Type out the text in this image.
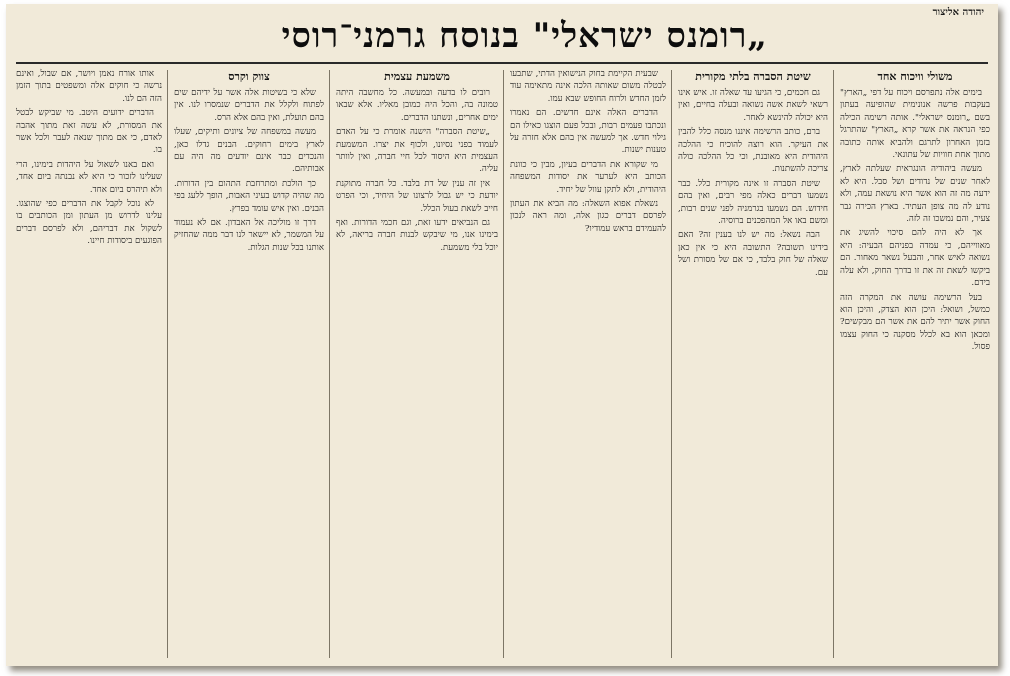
יהודה אליצור
„רומנס ישראלי" בנוסח גרמני־רוסי
משולי וויכוח אחד

בימים אלה נתפרסם ויכוח על דפי „הארץ" בעקבות פרשה אנונימית שהופיעה בעתון בשם „רומנס ישראלי". אותה רשימה הכילה כפי הנראה את אשר קרא „הארץ" שהתרגל בזמן האחרון לתרגם ולהביא אותה כתובה מתוך אחת חוויות של עתונאי.

מעשה ביהודיה הונגראית שעלתה לארץ, לאחר שנים של נדודים ושל סבל. היא לא ידעה מה זה הוא אשר היא נושאת עמה, ולא נודע לה מה צופן העתיד. בארץ הכירה גבר צעיר, והם נמשכו זה לזה.

אך לא היה להם סיכוי להשיג את מאווייהם, כי עמדה בפניהם הבעיה: היא נשואה לאיש אחר, והבעל נשאר מאחור. הם ביקשו לשאת זה את זו בדרך החוק, ולא עלה בידם.

בעל הרשימה עושה את המקרה הזה כמשל, ושואל: היכן הוא הצדק, והיכן הוא החוק אשר יתיר להם את אשר הם מבקשים? ומכאן הוא בא לכלל מסקנה כי החוק עצמו פסול.

שיטת הסברה בלתי מקורית

גם חכמים, כי הגיעו עד שאלה זו. איש אינו רשאי לשאת אשה נשואה ובעלה בחיים, ואין היא יכולה להינשא לאחר.

ברם, כותב הרשימה איננו מנסה כלל להבין את העיקר. הוא רוצה להוכיח כי ההלכה היהודית היא מאובנת, וכי כל ההלכה כולה צריכה להשתנות.

שיטת הסברה זו אינה מקורית כלל. כבר נשמעו דברים כאלה מפי רבים, ואין בהם חידוש. הם נשמעו בגרמניה לפני שנים רבות, ומשם באו אל המהפכנים ברוסיה.

הבה נשאל: מה יש לנו בענין זה? האם בידינו תשובה? התשובה היא כי אין כאן שאלה של חוק בלבד, כי אם של מסורת ושל עם.

שבעית הקיימת בחוק הנישואין הדתי, שתבעו לבטלה משום שאותה הלכה אינה מתאימה עוד לזמן החדש ולרוח החופש שבא עמו.

הדברים האלה אינם חדשים. הם נאמרו ונכתבו פעמים רבות, ובכל פעם הוצגו כאילו הם גילוי חדש. אך למעשה אין בהם אלא חזרה על טענות ישנות.

מי שקורא את הדברים בעיון, מבין כי כוונת הכותב היא לערער את יסודות המשפחה היהודית, ולא לתקן עוול של יחיד.

נשאלת אפוא השאלה: מה הביא את העתון לפרסם דברים כגון אלה, ומה ראה לנכון להעמידם בראש עמודיו?

משמעת עצמית

רובים לו בדעה ובמעשה. כל מחשבה היתה טמונה בה, והכל היה כמובן מאליו. אלא שבאו ימים אחרים, ונשתנו הדברים.

„שיטת הסברה" הישנה אומרת כי על האדם לעמוד בפני נסיונו, ולכוף את יצרו. המשמעת העצמית היא היסוד לכל חיי חברה, ואין לוותר עליה.

אין זה ענין של דת בלבד. כל חברה מתוקנת יודעת כי יש גבול לרצונו של היחיד, וכי הפרט חייב לשאת בעול הכלל.

גם הנביאים ידעו זאת, וגם חכמי הדורות. ואף בימינו אנו, מי שיבקש לבנות חברה בריאה, לא יוכל בלי משמעת.

צווק וקרס

שלא כי בשיטות אלה אשר על ידיהם שים לפתוח ולקלל את הדברים שנמסרו לנו. אין בהם תועלת, ואין בהם אלא הרס.

מעשה במשפחה של ציונים ותיקים, שעלו לארץ בימים רחוקים. הבנים גדלו כאן, והנכדים כבר אינם יודעים מה היה עם אבותיהם.

כך הולכת ומתרחבת התהום בין הדורות. מה שהיה קדוש בעיני האבות, הופך ללעג בפי הבנים. ואין איש עומד בפרץ.

דרך זו מוליכה אל האבדון. אם לא נעמוד על המשמר, לא יישאר לנו דבר ממה שהחזיק אותנו בכל שנות הגלות.

אותו אורח נאמן ויושר, אם שבול, ואינם נרשה כי חוקים אלה ומשפטים בתוך הזמן הזה הם לנו.

הדברים ידועים היטב. מי שביקש לבטל את המסורת, לא עשה זאת מתוך אהבה לאדם, כי אם מתוך שנאה לעבר ולכל אשר בו.

ואם באנו לשאול על היהדות בימינו, הרי שעלינו לזכור כי היא לא נבנתה ביום אחד, ולא תיהרס ביום אחד.

לא נוכל לקבל את הדברים כפי שהוצגו. עלינו לדרוש מן העתון ומן הכותבים בו לשקול את דבריהם, ולא לפרסם דברים הפוגעים ביסודות חיינו.
